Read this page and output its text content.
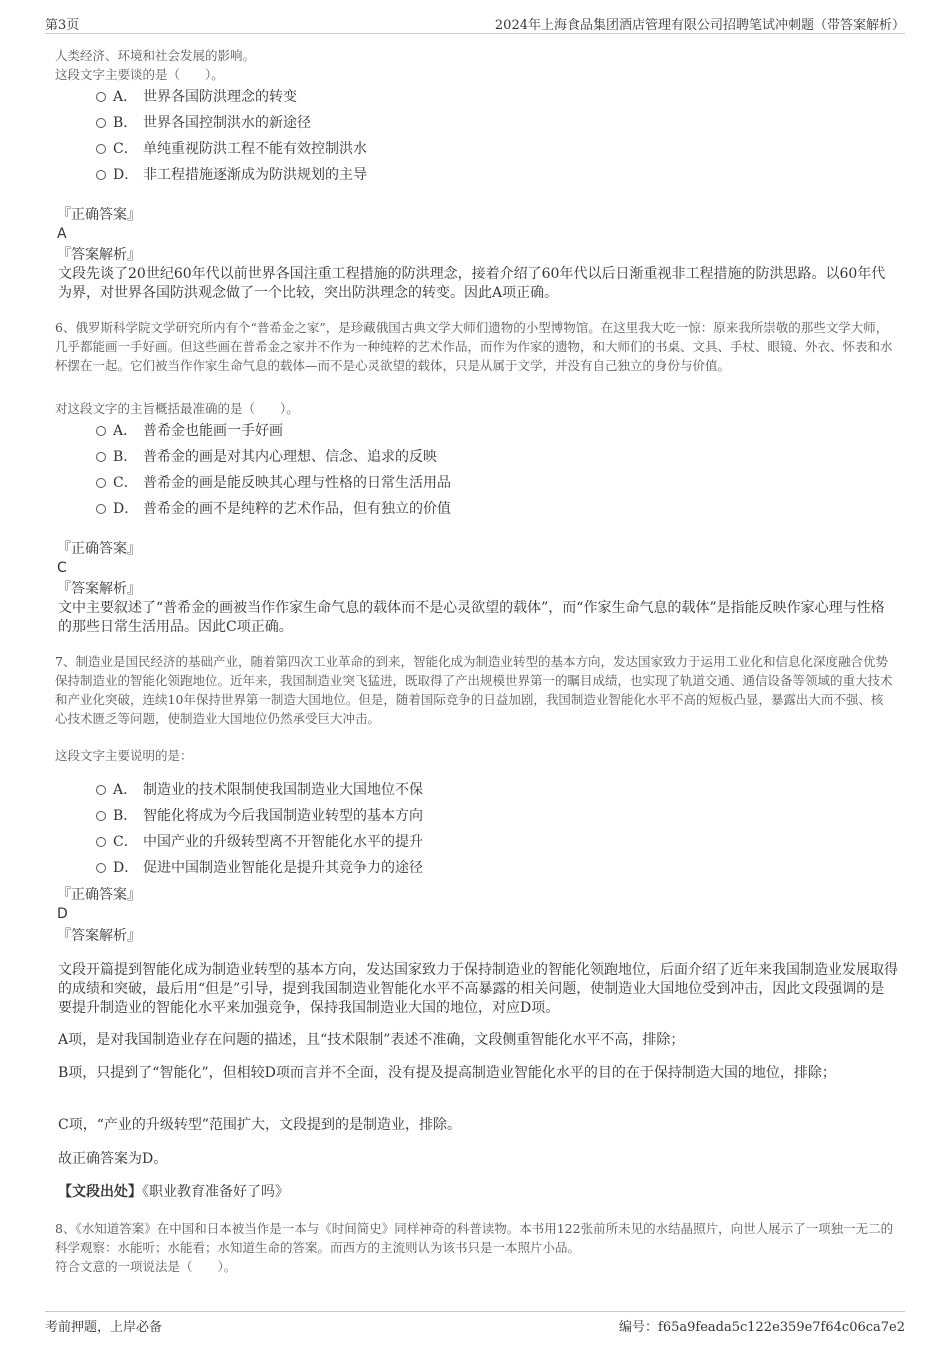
第3页	2024年上海食品集团酒店管理有限公司招聘笔试冲刺题（带答案解析）
人类经济、环境和社会发展的影响。
这段文字主要谈的是（　　）。
A． 世界各国防洪理念的转变
B． 世界各国控制洪水的新途径
C． 单纯重视防洪工程不能有效控制洪水
D． 非工程措施逐渐成为防洪规划的主导
『正确答案』
A
『答案解析』
文段先谈了20世纪60年代以前世界各国注重工程措施的防洪理念，接着介绍了60年代以后日渐重视非工程措施的防洪思路。以60年代为界，对世界各国防洪观念做了一个比较，突出防洪理念的转变。因此A项正确。
6、俄罗斯科学院文学研究所内有个“普希金之家”，是珍藏俄国古典文学大师们遗物的小型博物馆。在这里我大吃一惊：原来我所崇敬的那些文学大师，几乎都能画一手好画。但这些画在普希金之家并不作为一种纯粹的艺术作品，而作为作家的遗物，和大师们的书桌、文具、手杖、眼镜、外衣、怀表和水杯摆在一起。它们被当作作家生命气息的载体—而不是心灵欲望的载体，只是从属于文学，并没有自己独立的身份与价值。
对这段文字的主旨概括最准确的是（　　）。
A． 普希金也能画一手好画
B． 普希金的画是对其内心理想、信念、追求的反映
C． 普希金的画是能反映其心理与性格的日常生活用品
D． 普希金的画不是纯粹的艺术作品，但有独立的价值
『正确答案』
C
『答案解析』
文中主要叙述了“普希金的画被当作作家生命气息的载体而不是心灵欲望的载体”，而“作家生命气息的载体”是指能反映作家心理与性格的那些日常生活用品。因此C项正确。
7、制造业是国民经济的基础产业，随着第四次工业革命的到来，智能化成为制造业转型的基本方向，发达国家致力于运用工业化和信息化深度融合优势保持制造业的智能化领跑地位。近年来，我国制造业突飞猛进，既取得了产出规模世界第一的瞩目成绩，也实现了轨道交通、通信设备等领域的重大技术和产业化突破，连续10年保持世界第一制造大国地位。但是，随着国际竞争的日益加剧，我国制造业智能化水平不高的短板凸显，暴露出大而不强、核心技术匮乏等问题，使制造业大国地位仍然承受巨大冲击。
这段文字主要说明的是：
A． 制造业的技术限制使我国制造业大国地位不保
B． 智能化将成为今后我国制造业转型的基本方向
C． 中国产业的升级转型离不开智能化水平的提升
D． 促进中国制造业智能化是提升其竞争力的途径
『正确答案』
D
『答案解析』
文段开篇提到智能化成为制造业转型的基本方向，发达国家致力于保持制造业的智能化领跑地位，后面介绍了近年来我国制造业发展取得的成绩和突破，最后用“但是”引导，提到我国制造业智能化水平不高暴露的相关问题，使制造业大国地位受到冲击，因此文段强调的是要提升制造业的智能化水平来加强竞争，保持我国制造业大国的地位，对应D项。
A项，是对我国制造业存在问题的描述，且“技术限制”表述不准确，文段侧重智能化水平不高，排除；
B项，只提到了“智能化”，但相较D项而言并不全面，没有提及提高制造业智能化水平的目的在于保持制造大国的地位，排除；
C项，“产业的升级转型”范围扩大，文段提到的是制造业，排除。
故正确答案为D。
【文段出处】《职业教育准备好了吗》
8、《水知道答案》在中国和日本被当作是一本与《时间简史》同样神奇的科普读物。本书用122张前所未见的水结晶照片，向世人展示了一项独一无二的科学观察：水能听；水能看；水知道生命的答案。而西方的主流则认为该书只是一本照片小品。
符合文意的一项说法是（　　）。
考前押题，上岸必备	编号：f65a9feada5c122e359e7f64c06ca7e2
